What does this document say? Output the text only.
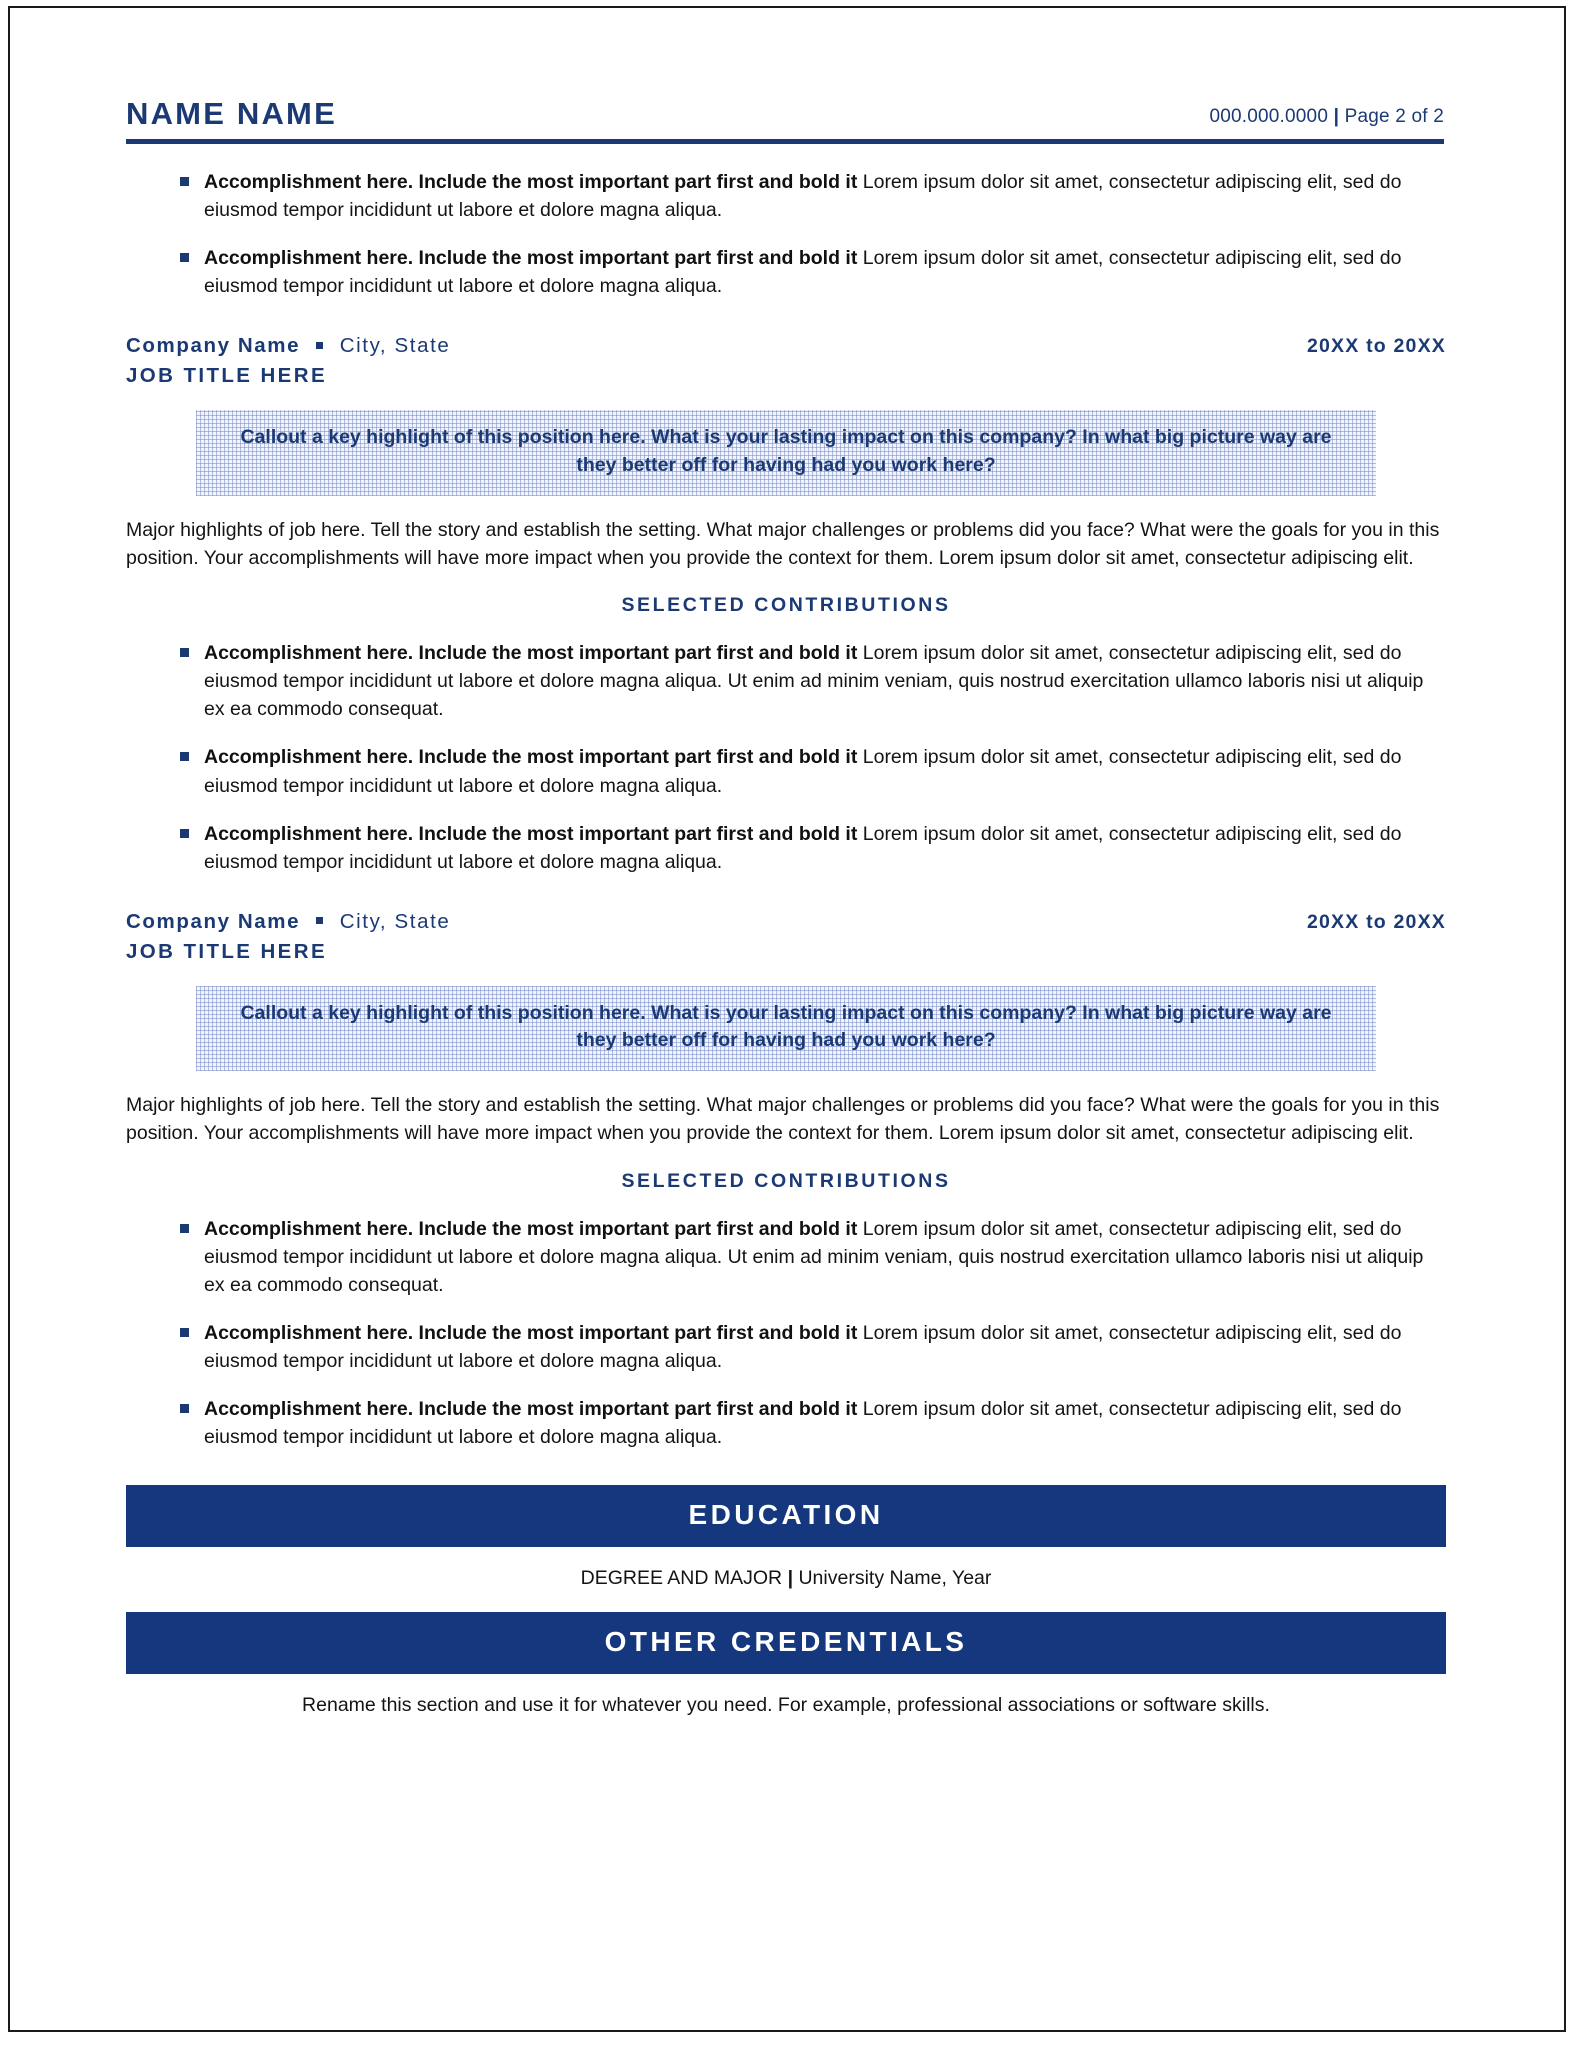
NAME NAME	000.000.0000 | Page 2 of 2
Accomplishment here. Include the most important part first and bold it Lorem ipsum dolor sit amet, consectetur adipiscing elit, sed do eiusmod tempor incididunt ut labore et dolore magna aliqua.
Accomplishment here. Include the most important part first and bold it Lorem ipsum dolor sit amet, consectetur adipiscing elit, sed do eiusmod tempor incididunt ut labore et dolore magna aliqua.
Company Name City, State	20XX to 20XX
JOB TITLE HERE
Callout a key highlight of this position here. What is your lasting impact on this company? In what big picture way are they better off for having had you work here?
Major highlights of job here. Tell the story and establish the setting. What major challenges or problems did you face? What were the goals for you in this position. Your accomplishments will have more impact when you provide the context for them. Lorem ipsum dolor sit amet, consectetur adipiscing elit.
SELECTED CONTRIBUTIONS
Accomplishment here. Include the most important part first and bold it Lorem ipsum dolor sit amet, consectetur adipiscing elit, sed do eiusmod tempor incididunt ut labore et dolore magna aliqua. Ut enim ad minim veniam, quis nostrud exercitation ullamco laboris nisi ut aliquip ex ea commodo consequat.
Accomplishment here. Include the most important part first and bold it Lorem ipsum dolor sit amet, consectetur adipiscing elit, sed do eiusmod tempor incididunt ut labore et dolore magna aliqua.
Accomplishment here. Include the most important part first and bold it Lorem ipsum dolor sit amet, consectetur adipiscing elit, sed do eiusmod tempor incididunt ut labore et dolore magna aliqua.
Company Name City, State	20XX to 20XX
JOB TITLE HERE
Callout a key highlight of this position here. What is your lasting impact on this company? In what big picture way are they better off for having had you work here?
Major highlights of job here. Tell the story and establish the setting. What major challenges or problems did you face? What were the goals for you in this position. Your accomplishments will have more impact when you provide the context for them. Lorem ipsum dolor sit amet, consectetur adipiscing elit.
SELECTED CONTRIBUTIONS
Accomplishment here. Include the most important part first and bold it Lorem ipsum dolor sit amet, consectetur adipiscing elit, sed do eiusmod tempor incididunt ut labore et dolore magna aliqua. Ut enim ad minim veniam, quis nostrud exercitation ullamco laboris nisi ut aliquip ex ea commodo consequat.
Accomplishment here. Include the most important part first and bold it Lorem ipsum dolor sit amet, consectetur adipiscing elit, sed do eiusmod tempor incididunt ut labore et dolore magna aliqua.
Accomplishment here. Include the most important part first and bold it Lorem ipsum dolor sit amet, consectetur adipiscing elit, sed do eiusmod tempor incididunt ut labore et dolore magna aliqua.
EDUCATION
DEGREE AND MAJOR | University Name, Year
OTHER CREDENTIALS
Rename this section and use it for whatever you need. For example, professional associations or software skills.
